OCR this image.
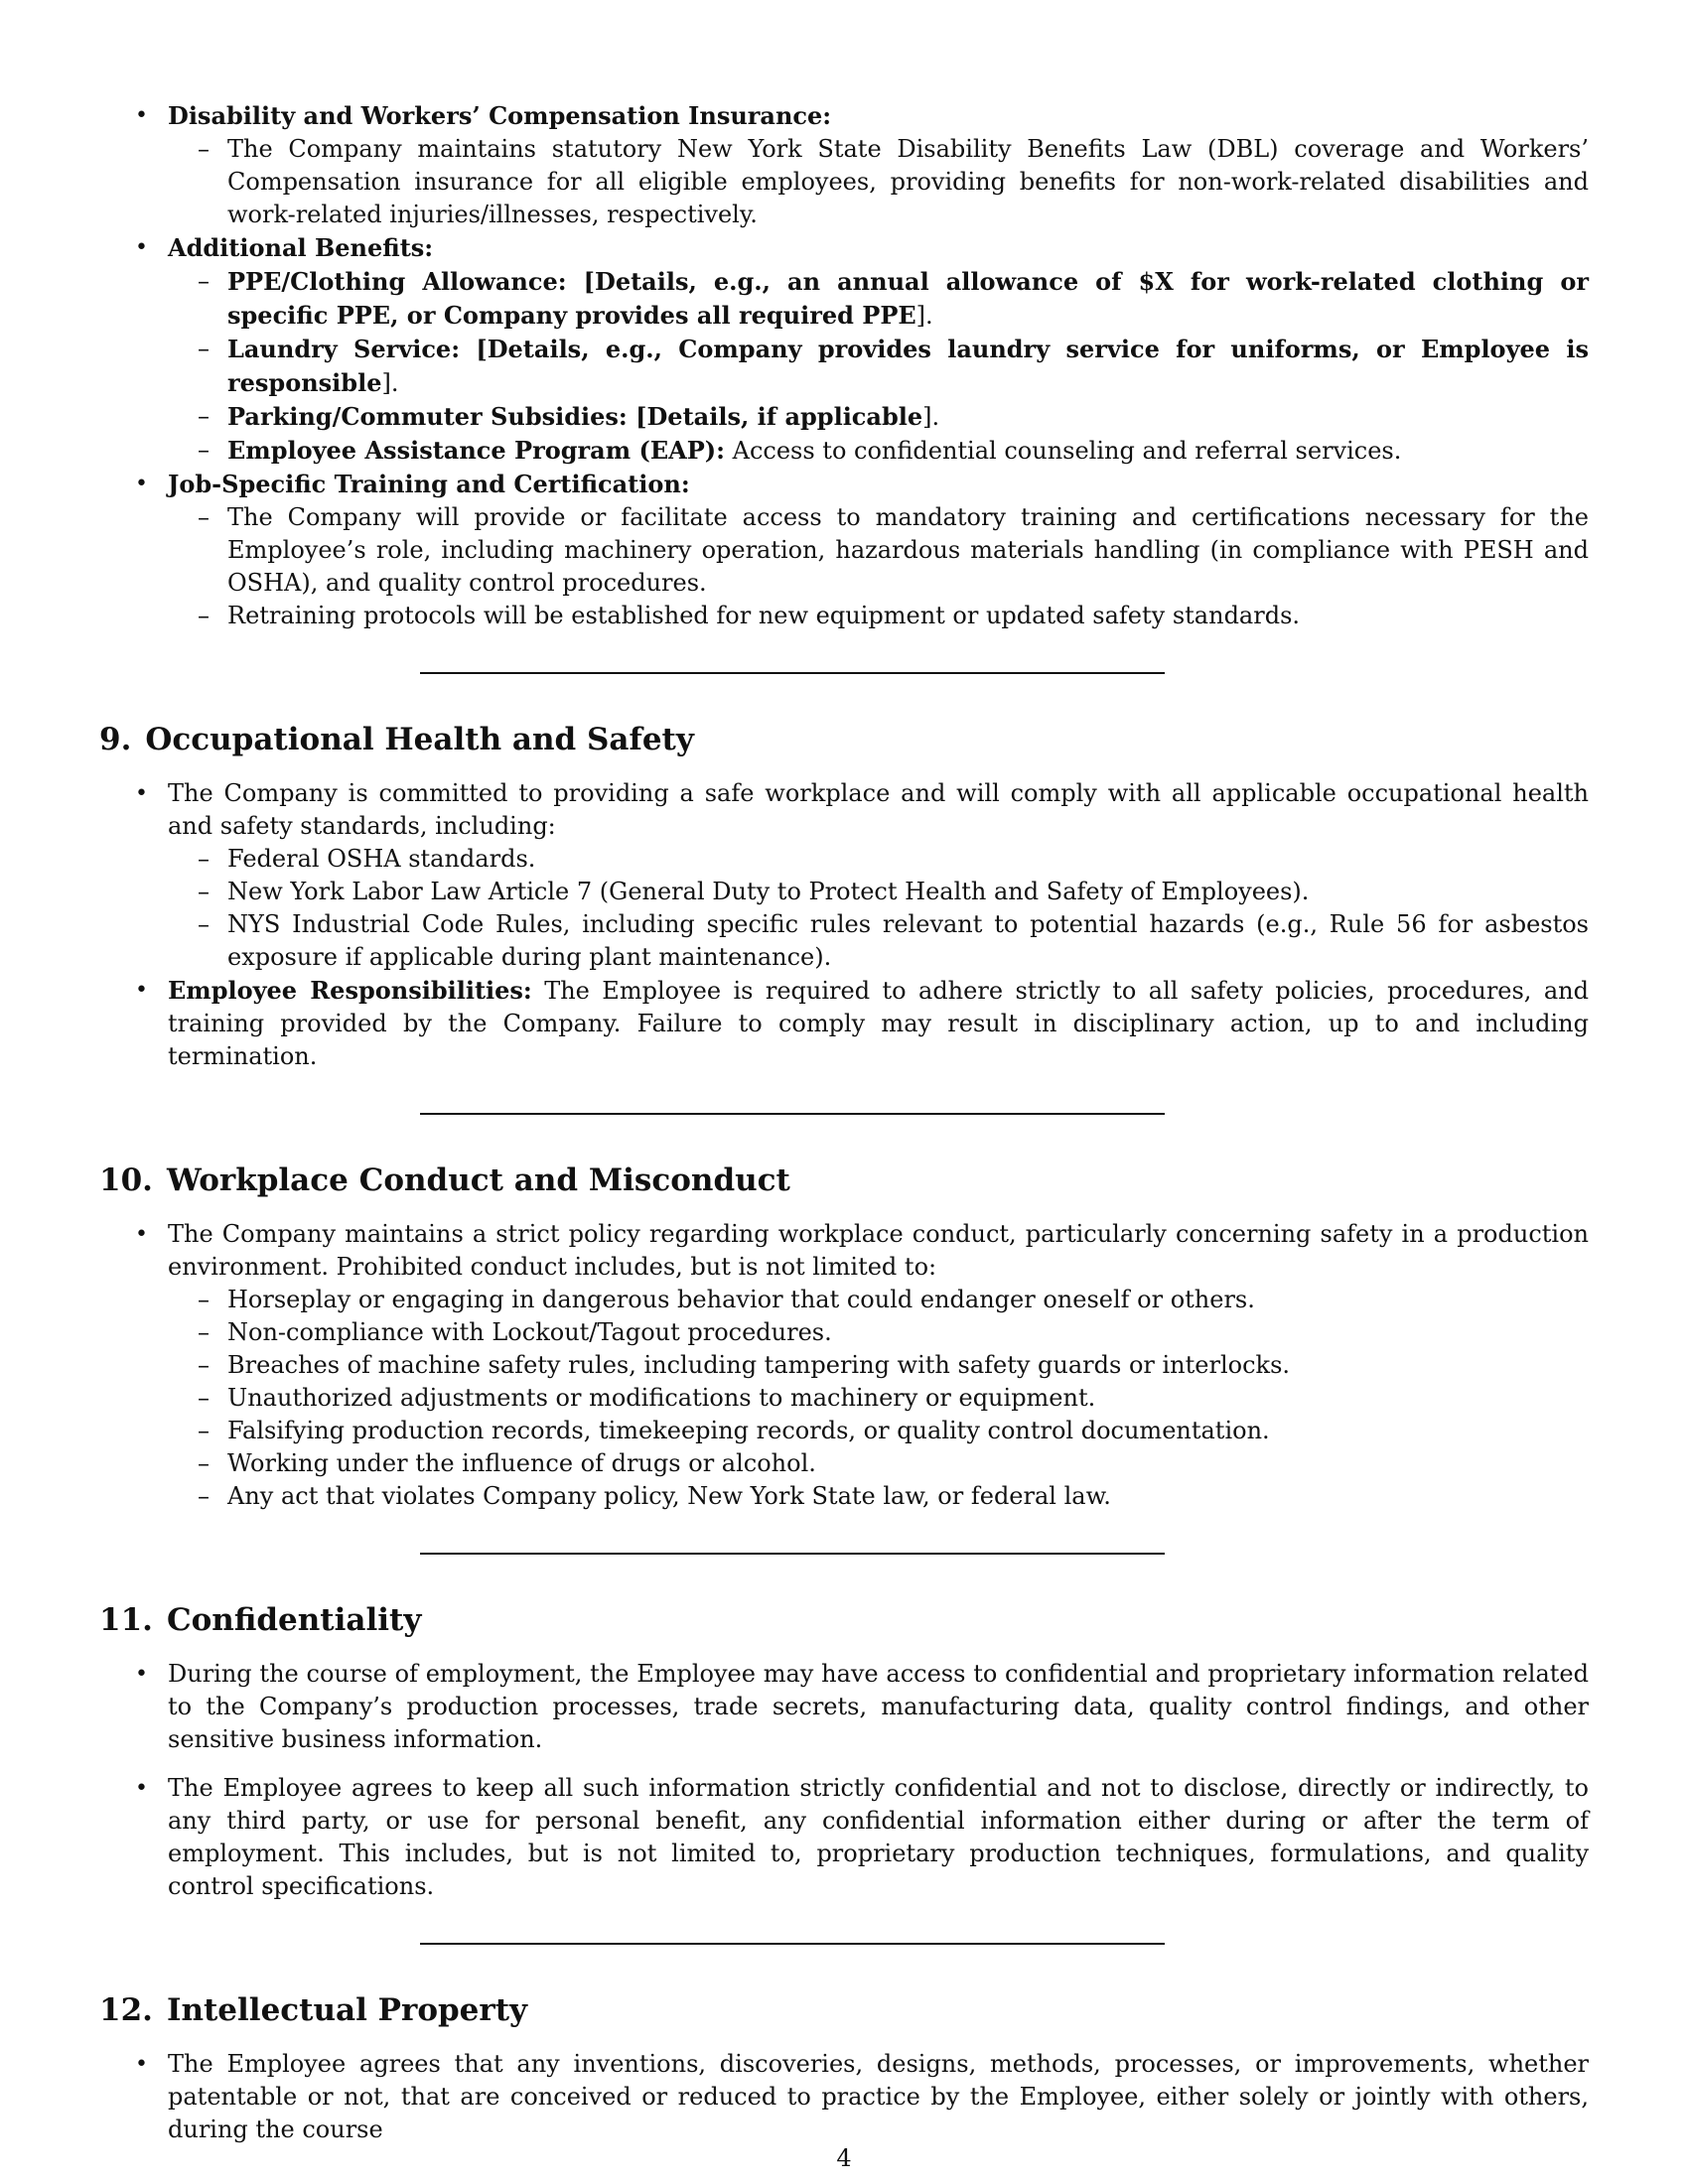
• Disability and Workers’ Compensation Insurance:
– The Company maintains statutory New York State Disability Benefits Law (DBL) coverage and Workers’ Compensation insurance for all eligible employees, providing benefits for non-work-related disabilities and work-related injuries/illnesses, respectively.
• Additional Benefits:
– PPE/Clothing Allowance: [Details, e.g., an annual allowance of $X for work-related clothing or specific PPE, or Company provides all required PPE].
– Laundry Service: [Details, e.g., Company provides laundry service for uniforms, or Employee is responsible].
– Parking/Commuter Subsidies: [Details, if applicable].
– Employee Assistance Program (EAP): Access to confidential counseling and referral services.
• Job-Specific Training and Certification:
– The Company will provide or facilitate access to mandatory training and certifications necessary for the Employee’s role, including machinery operation, hazardous materials handling (in compliance with PESH and OSHA), and quality control procedures.
– Retraining protocols will be established for new equipment or updated safety standards.
9. Occupational Health and Safety
• The Company is committed to providing a safe workplace and will comply with all applicable occupational health and safety standards, including:
– Federal OSHA standards.
– New York Labor Law Article 7 (General Duty to Protect Health and Safety of Employees).
– NYS Industrial Code Rules, including specific rules relevant to potential hazards (e.g., Rule 56 for asbestos exposure if applicable during plant maintenance).
• Employee Responsibilities: The Employee is required to adhere strictly to all safety policies, procedures, and training provided by the Company. Failure to comply may result in disciplinary action, up to and including termination.
10. Workplace Conduct and Misconduct
• The Company maintains a strict policy regarding workplace conduct, particularly concerning safety in a production environment. Prohibited conduct includes, but is not limited to:
– Horseplay or engaging in dangerous behavior that could endanger oneself or others.
– Non-compliance with Lockout/Tagout procedures.
– Breaches of machine safety rules, including tampering with safety guards or interlocks.
– Unauthorized adjustments or modifications to machinery or equipment.
– Falsifying production records, timekeeping records, or quality control documentation.
– Working under the influence of drugs or alcohol.
– Any act that violates Company policy, New York State law, or federal law.
11. Confidentiality
• During the course of employment, the Employee may have access to confidential and proprietary information related to the Company’s production processes, trade secrets, manufacturing data, quality control findings, and other sensitive business information.
• The Employee agrees to keep all such information strictly confidential and not to disclose, directly or indirectly, to any third party, or use for personal benefit, any confidential information either during or after the term of employment. This includes, but is not limited to, proprietary production techniques, formulations, and quality control specifications.
12. Intellectual Property
• The Employee agrees that any inventions, discoveries, designs, methods, processes, or improvements, whether patentable or not, that are conceived or reduced to practice by the Employee, either solely or jointly with others, during the course
4
